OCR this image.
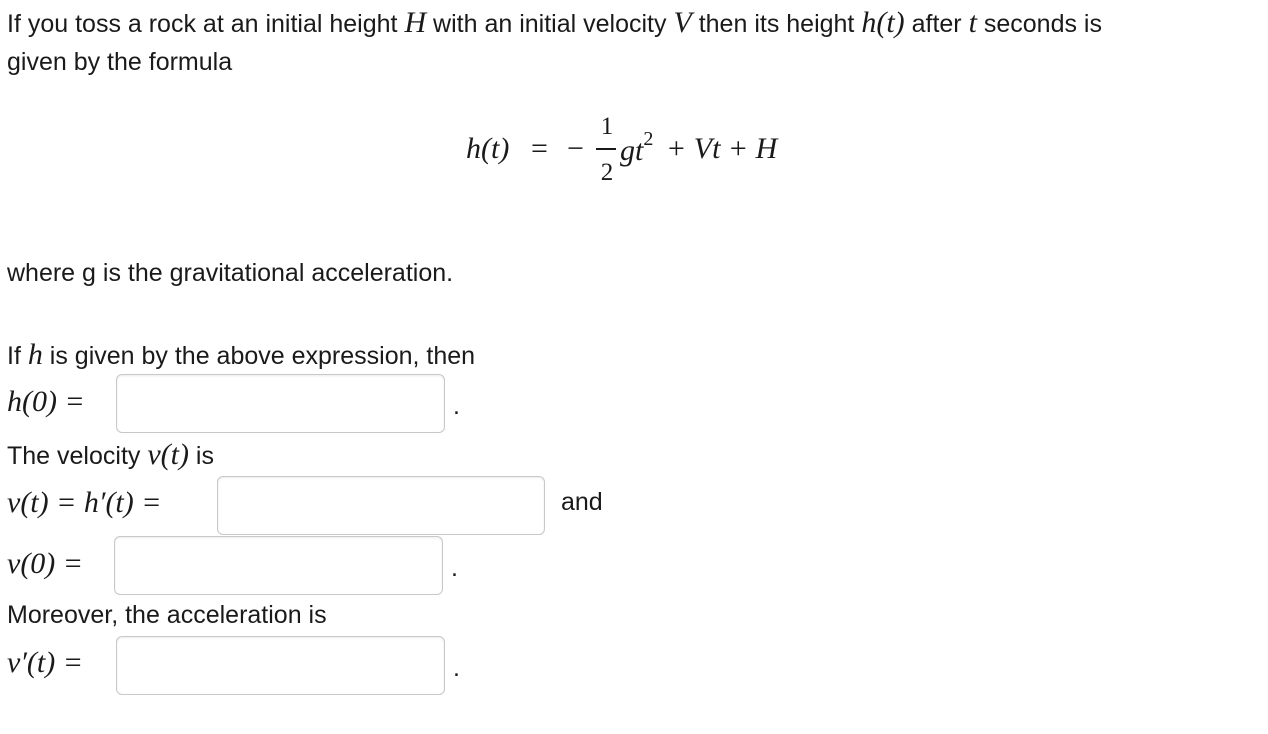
If you toss a rock at an initial height H with an initial velocity V then its height h(t) after t seconds is
given by the formula
h(t) = −
1
2
$gt^2 + Vt + H$
where g is the gravitational acceleration.
If h is given by the above expression, then
h(0) =	.
The velocity v(t) is
v(t) = h′(t) =	and
v(0) =	.
Moreover, the acceleration is
v′(t) =	.
